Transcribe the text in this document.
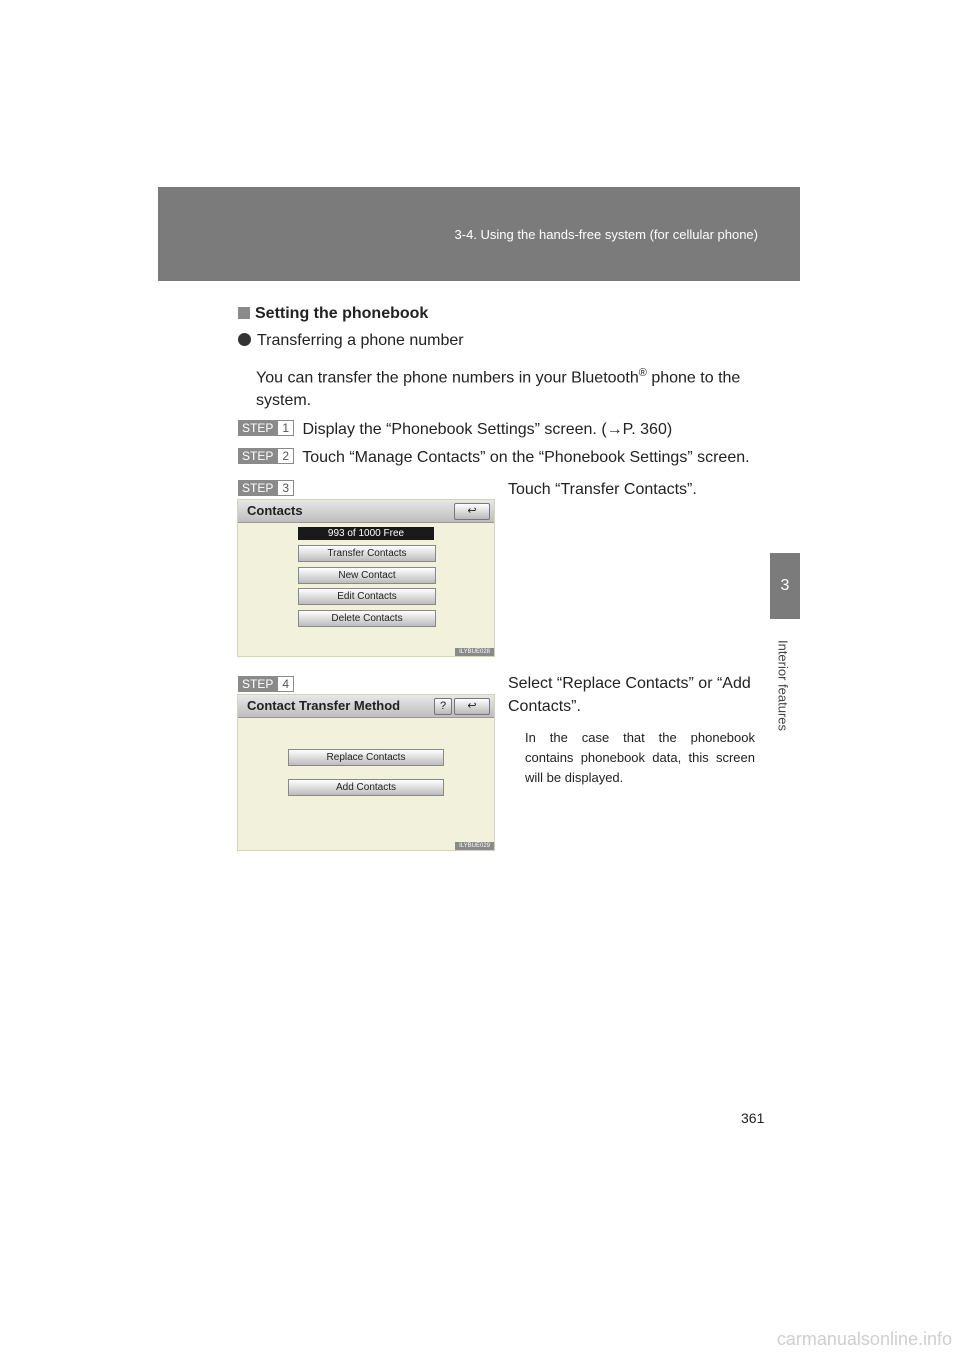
3-4. Using the hands-free system (for cellular phone)
3
Interior features
Setting the phonebook
Transferring a phone number
You can transfer the phone numbers in your Bluetooth® phone to the system.
STEP 1 Display the “Phonebook Settings” screen. (→P. 360)
STEP 2 Touch “Manage Contacts” on the “Phonebook Settings” screen.
STEP 3	Touch “Transfer Contacts”.
Contacts	↩
993 of 1000 Free
Transfer Contacts
New Contact
Edit Contacts
Delete Contacts
ILYBUE028
STEP 4	Select “Replace Contacts” or “Add Contacts”.
In the case that the phonebook contains phonebook data, this screen will be displayed.
Contact Transfer Method	?	↩
Replace Contacts
Add Contacts
ILYBUE029
361
carmanualsonline.info
